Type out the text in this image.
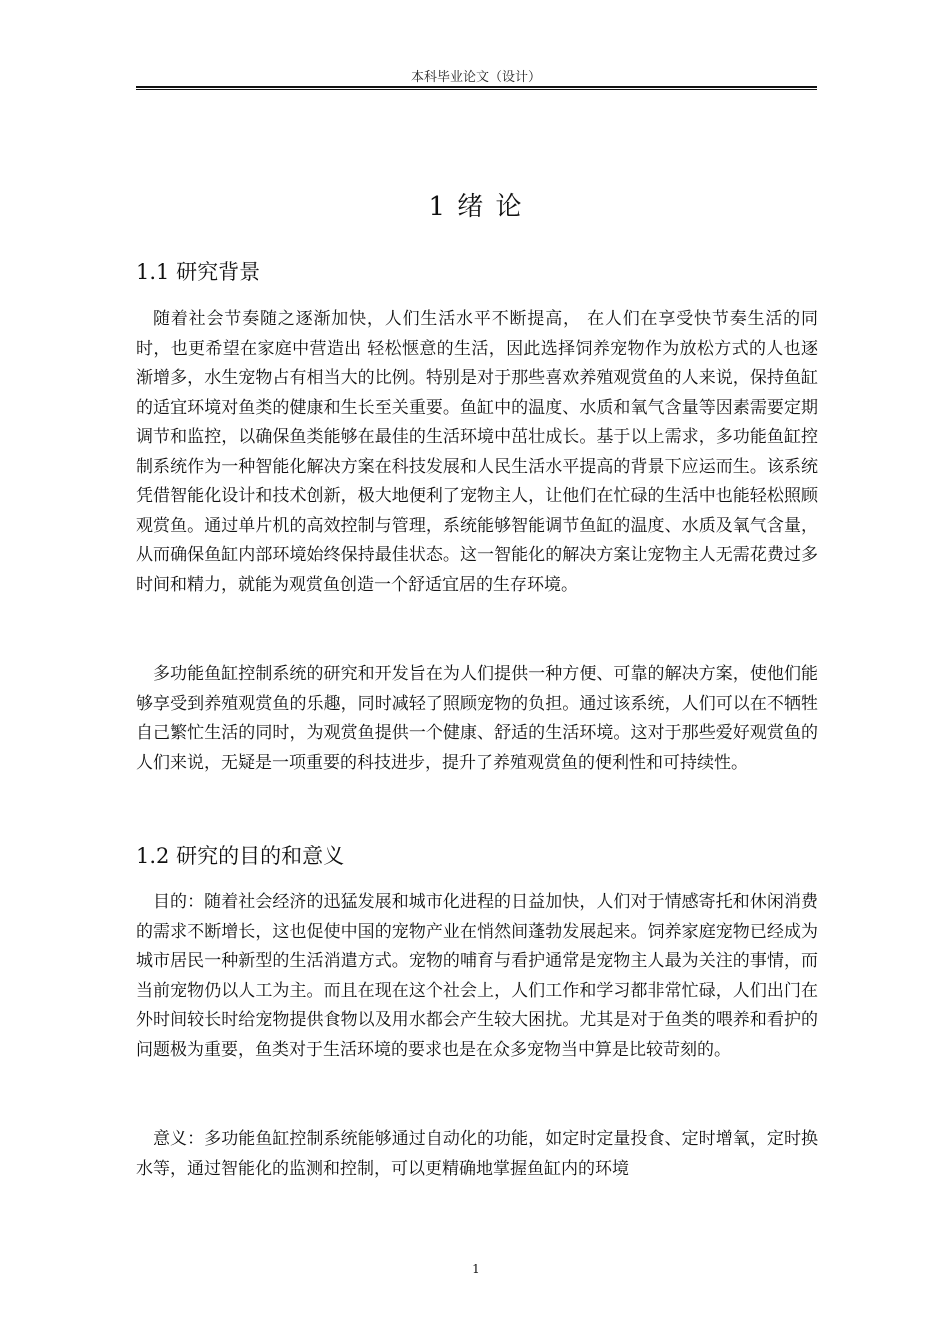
本科毕业论文（设计）
1 绪 论
1.1 研究背景

随着社会节奏随之逐渐加快，人们生活水平不断提高， 在人们在享受快节奏生活的同时，也更希望在家庭中营造出 轻松惬意的生活，因此选择饲养宠物作为放松方式的人也逐 渐增多，水生宠物占有相当大的比例。特别是对于那些喜欢养殖观赏鱼的人来说，保持鱼缸的适宜环境对鱼类的健康和生长至关重要。鱼缸中的温度、水质和氧气含量等因素需要定期调节和监控，以确保鱼类能够在最佳的生活环境中茁壮成长。基于以上需求，多功能鱼缸控制系统作为一种智能化解决方案在科技发展和人民生活水平提高的背景下应运而生。该系统凭借智能化设计和技术创新，极大地便利了宠物主人，让他们在忙碌的生活中也能轻松照顾观赏鱼。通过单片机的高效控制与管理，系统能够智能调节鱼缸的温度、水质及氧气含量，从而确保鱼缸内部环境始终保持最佳状态。这一智能化的解决方案让宠物主人无需花费过多时间和精力，就能为观赏鱼创造一个舒适宜居的生存环境。

多功能鱼缸控制系统的研究和开发旨在为人们提供一种方便、可靠的解决方案，使他们能够享受到养殖观赏鱼的乐趣，同时减轻了照顾宠物的负担。通过该系统，人们可以在不牺牲自己繁忙生活的同时，为观赏鱼提供一个健康、舒适的生活环境。这对于那些爱好观赏鱼的人们来说，无疑是一项重要的科技进步，提升了养殖观赏鱼的便利性和可持续性。

1.2 研究的目的和意义

目的：随着社会经济的迅猛发展和城市化进程的日益加快，人们对于情感寄托和休闲消费的需求不断增长，这也促使中国的宠物产业在悄然间蓬勃发展起来。饲养家庭宠物已经成为城市居民一种新型的生活消遣方式。宠物的哺育与看护通常是宠物主人最为关注的事情，而当前宠物仍以人工为主。而且在现在这个社会上，人们工作和学习都非常忙碌，人们出门在外时间较长时给宠物提供食物以及用水都会产生较大困扰。尤其是对于鱼类的喂养和看护的问题极为重要，鱼类对于生活环境的要求也是在众多宠物当中算是比较苛刻的。

意义：多功能鱼缸控制系统能够通过自动化的功能，如定时定量投食、定时增氧，定时换水等，通过智能化的监测和控制，可以更精确地掌握鱼缸内的环境

1
